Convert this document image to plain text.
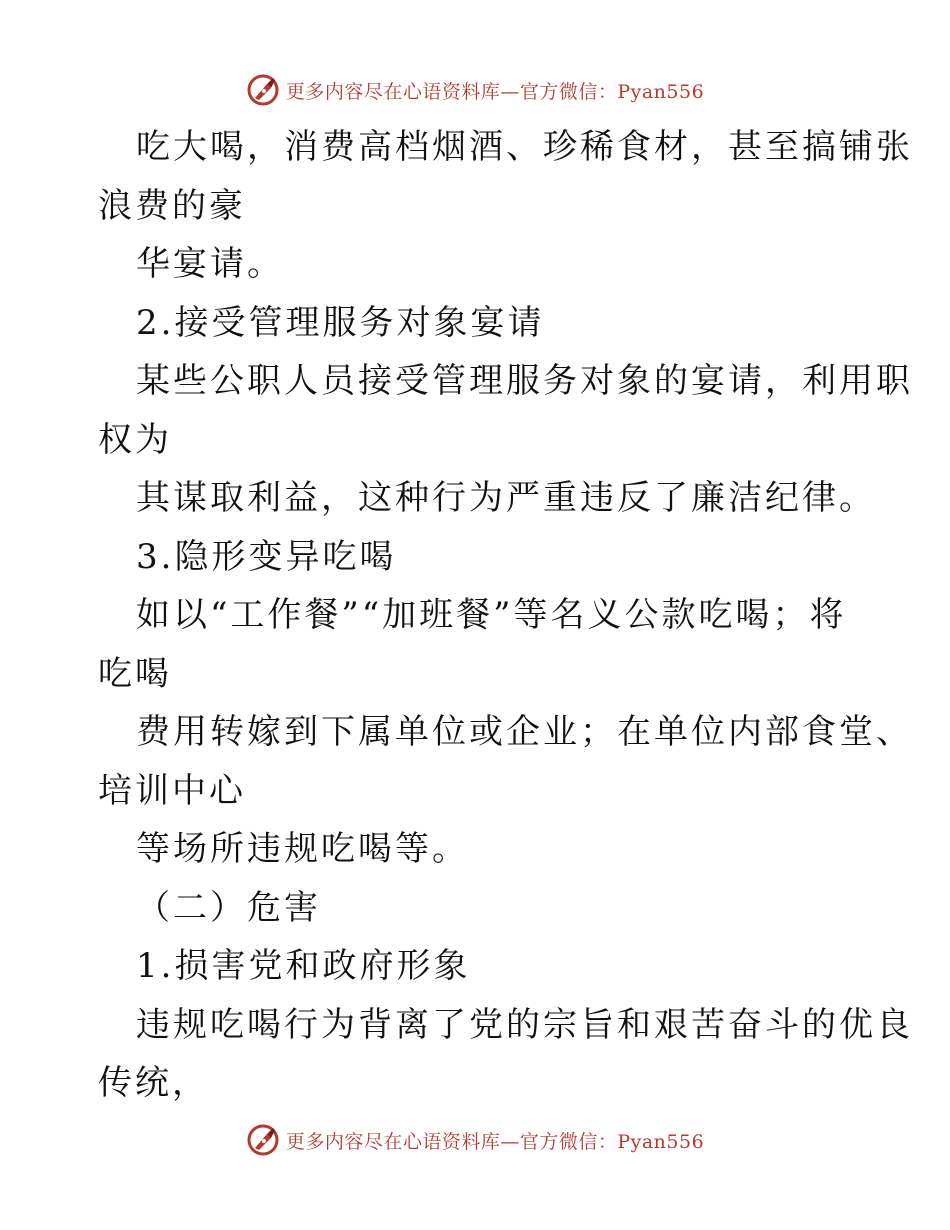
更多内容尽在心语资料库—官方微信：Pyan556
吃大喝，消费高档烟酒、珍稀食材，甚至搞铺张
浪费的豪
华宴请。
2.接受管理服务对象宴请
某些公职人员接受管理服务对象的宴请，利用职
权为
其谋取利益，这种行为严重违反了廉洁纪律。
3.隐形变异吃喝
如以“工作餐”“加班餐”等名义公款吃喝；将
吃喝
费用转嫁到下属单位或企业；在单位内部食堂、
培训中心
等场所违规吃喝等。
（二）危害
1.损害党和政府形象
违规吃喝行为背离了党的宗旨和艰苦奋斗的优良
传统，
更多内容尽在心语资料库—官方微信：Pyan556
